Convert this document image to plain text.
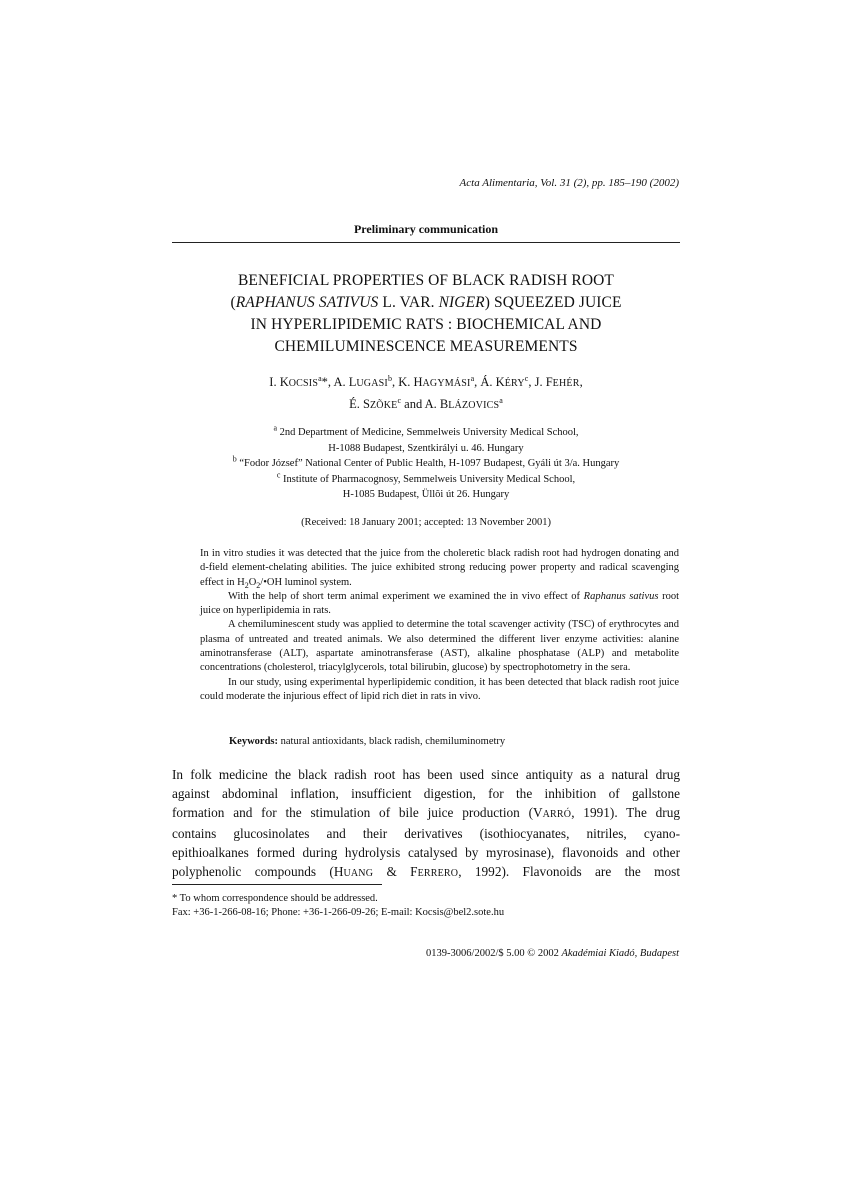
Acta Alimentaria, Vol. 31 (2), pp. 185–190 (2002)
Preliminary communication
BENEFICIAL PROPERTIES OF BLACK RADISH ROOT
(RAPHANUS SATIVUS L. VAR. NIGER) SQUEEZED JUICE
IN HYPERLIPIDEMIC RATS : BIOCHEMICAL AND
CHEMILUMINESCENCE MEASUREMENTS
I. KOCSIS$^a$*, A. LUGASI$^b$, K. HAGYMÁSI$^a$, Á. KÉRY$^c$, J. FEHÉR,
É. SZÕKE$^c$ and A. BLÁZOVICS$^a$
$^a$ 2nd Department of Medicine, Semmelweis University Medical School,
H-1088 Budapest, Szentkirályi u. 46. Hungary
$^b$ “Fodor József” National Center of Public Health, H-1097 Budapest, Gyáli út 3/a. Hungary
$^c$ Institute of Pharmacognosy, Semmelweis University Medical School,
H-1085 Budapest, Üllõi út 26. Hungary
(Received: 18 January 2001; accepted: 13 November 2001)

In in vitro studies it was detected that the juice from the choleretic black radish root had hydrogen donating and d-field element-chelating abilities. The juice exhibited strong reducing power property and radical scavenging effect in $H_2O_2/•OH$ luminol system.

With the help of short term animal experiment we examined the in vivo effect of Raphanus sativus root juice on hyperlipidemia in rats.

A chemiluminescent study was applied to determine the total scavenger activity (TSC) of erythrocytes and plasma of untreated and treated animals. We also determined the different liver enzyme activities: alanine aminotransferase (ALT), aspartate aminotransferase (AST), alkaline phosphatase (ALP) and metabolite concentrations (cholesterol, triacylglycerols, total bilirubin, glucose) by spectrophotometry in the sera.

In our study, using experimental hyperlipidemic condition, it has been detected that black radish root juice could moderate the injurious effect of lipid rich diet in rats in vivo.

Keywords: natural antioxidants, black radish, chemiluminometry
In folk medicine the black radish root has been used since antiquity as a natural drug
against abdominal inflation, insufficient digestion, for the inhibition of gallstone
formation and for the stimulation of bile juice production (VARRÓ, 1991). The drug
contains glucosinolates and their derivatives (isothiocyanates, nitriles, cyano-
epithioalkanes formed during hydrolysis catalysed by myrosinase), flavonoids and other
polyphenolic compounds (HUANG & FERRERO, 1992). Flavonoids are the most
* To whom correspondence should be addressed.
Fax: +36-1-266-08-16; Phone: +36-1-266-09-26; E-mail: Kocsis@bel2.sote.hu
0139-3006/2002/$ 5.00 © 2002 Akadémiai Kiadó, Budapest
